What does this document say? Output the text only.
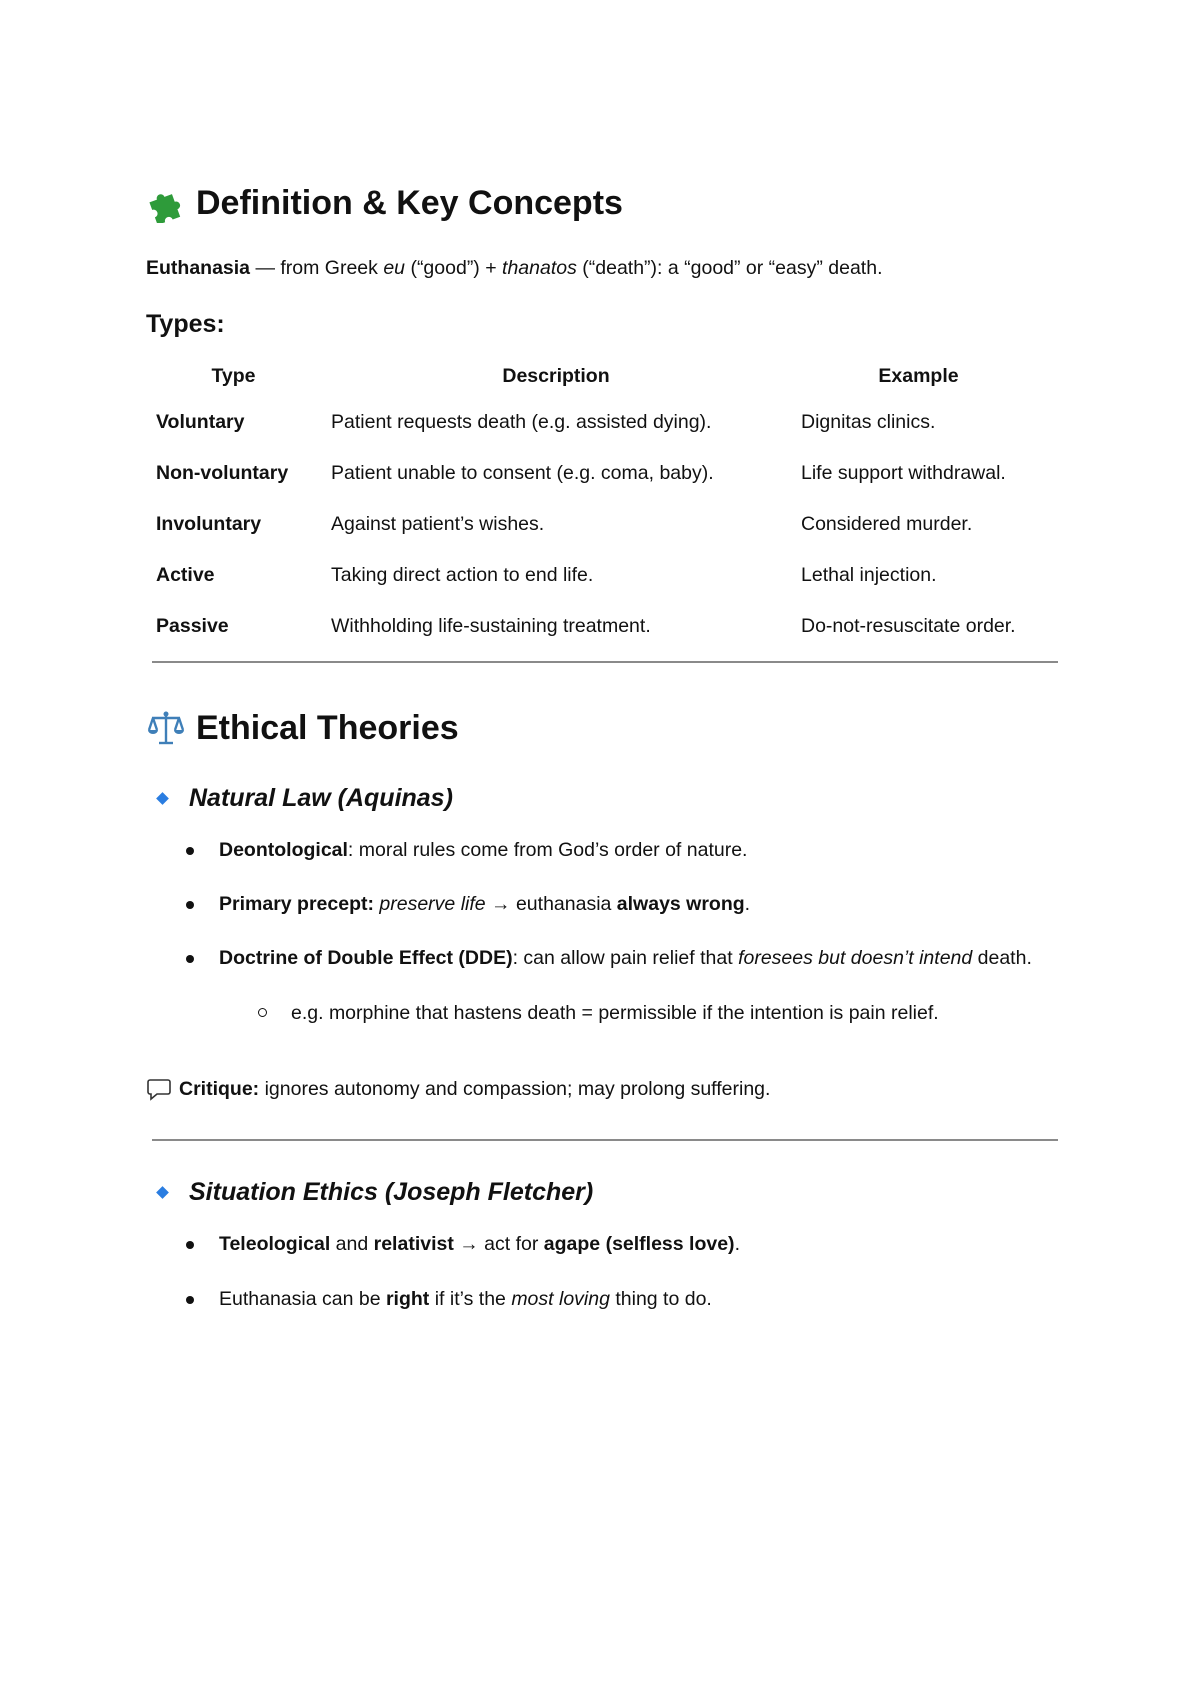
Definition & Key Concepts

Euthanasia — from Greek eu (“good”) + thanatos (“death”): a “good” or “easy” death.

Types:
Type	Description	Example
Voluntary	Patient requests death (e.g. assisted dying).	Dignitas clinics.
Non-voluntary	Patient unable to consent (e.g. coma, baby).	Life support withdrawal.
Involuntary	Against patient’s wishes.	Considered murder.
Active	Taking direct action to end life.	Lethal injection.
Passive	Withholding life-sustaining treatment.	Do-not-resuscitate order.
Ethical Theories
Natural Law (Aquinas)
Deontological: moral rules come from God’s order of nature.
Primary precept: preserve life → euthanasia always wrong.
Doctrine of Double Effect (DDE): can allow pain relief that foresees but doesn’t intend death.
e.g. morphine that hastens death = permissible if the intention is pain relief.

Critique: ignores autonomy and compassion; may prolong suffering.

Situation Ethics (Joseph Fletcher)
Teleological and relativist → act for agape (selfless love).
Euthanasia can be right if it’s the most loving thing to do.
